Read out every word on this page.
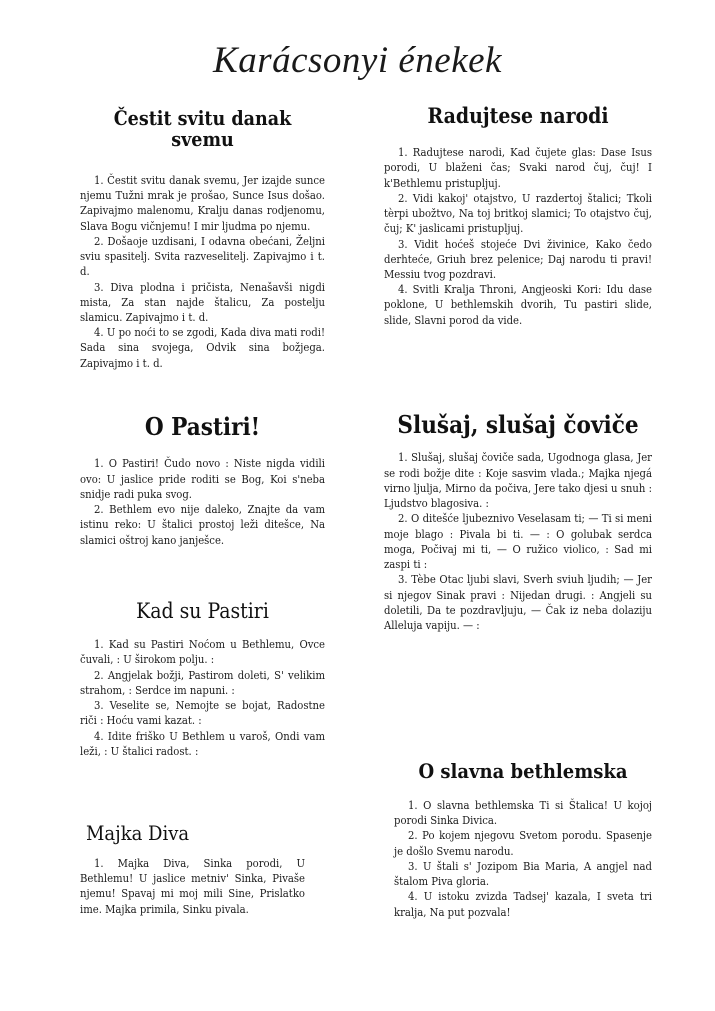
Karácsonyi énekek
Čestit svitu danak svemu

1. Čestit svitu danak svemu, Jer izajde sunce njemu Tužni mrak je prošao, Sunce Isus došao. Zapivajmo malenomu, Kralju danas rodjenomu, Slava Bogu vičnjemu! I mir ljudma po njemu.

2. Došaoje uzdisani, I odavna obećani, Željni sviu spasitelj. Svita razveselitelj. Zapivajmo i t. d.

3. Diva plodna i pričista, Nenašavši nigdi mista, Za stan najde štalicu, Za postelju slamicu. Zapivajmo i t. d.

4. U po noći to se zgodi, Kada diva mati rodi! Sada sina svojega, Odvik sina božjega. Zapivajmo i t. d.

O Pastiri!

1. O Pastiri! Čudo novo : Niste nigda vidili ovo: U jaslice pride roditi se Bog, Koi s'neba snidje radi puka svog.

2. Bethlem evo nije daleko, Znajte da vam istinu reko: U štalici prostoj leži ditešce, Na slamici oštroj kano janješce.

Kad su Pastiri

1. Kad su Pastiri Noćom u Bethlemu, Ovce čuvali, : U širokom polju. :

2. Angjelak božji, Pastirom doleti, S' velikim strahom, : Serdce im napuni. :

3. Veselite se, Nemojte se bojat, Radostne riči : Hoću vami kazat. :

4. Idite friško U Bethlem u varoš, Ondi vam leži, : U štalici radost. :

Majka Diva

1. Majka Diva, Sinka porodi, U Bethlemu! U jaslice metniv' Sinka, Pivaše njemu! Spavaj mi moj mili Sine, Prislatko ime. Majka primila, Sinku pivala.

Radujtese narodi

1. Radujtese narodi, Kad čujete glas: Dase Isus porodi, U blaženi čas; Svaki narod čuj, čuj! I k'Bethlemu pristupljuj.

2. Vidi kakoj' otajstvo, U razdertoj štalici; Tkoli tèrpi ubožtvo, Na toj britkoj slamici; To otajstvo čuj, čuj; K' jaslicami pristupljuj.

3. Vidit hoćeš stojeće Dvi živinice, Kako čedo derhteće, Griuh brez pelenice; Daj narodu ti pravi! Messiu tvog pozdravi.

4. Svitli Kralja Throni, Angjeoski Kori: Idu dase poklone, U bethlemskih dvorih, Tu pastiri slide, slide, Slavni porod da vide.

Slušaj, slušaj čoviče

1. Slušaj, slušaj čoviče sada, Ugodnoga glasa, Jer se rodi božje dite : Koje sasvim vlada.; Majka njegá virno ljulja, Mirno da počiva, Jere tako djesi u snuh : Ljudstvo blagosiva. :

2. O ditešće ljubeznivo Veselasam ti; — Ti si meni moje blago : Pivala bi ti. — : O golubak serdca moga, Počivaj mi ti, — O ružico violico, : Sad mi zaspi ti :

3. Tèbe Otac ljubi slavi, Sverh sviuh ljudih; — Jer si njegov Sinak pravi : Nijedan drugi. : Angjeli su doletili, Da te pozdravljuju, — Čak iz neba dolaziju Alleluja vapiju. — :

O slavna bethlemska

1. O slavna bethlemska Ti si Štalica! U kojoj porodi Sinka Divica.

2. Po kojem njegovu Svetom porodu. Spasenje je došlo Svemu narodu.

3. U štali s' Jozipom Bia Maria, A angjel nad štalom Piva gloria.

4. U istoku zvizda Tadsej' kazala, I sveta tri kralja, Na put pozvala!
